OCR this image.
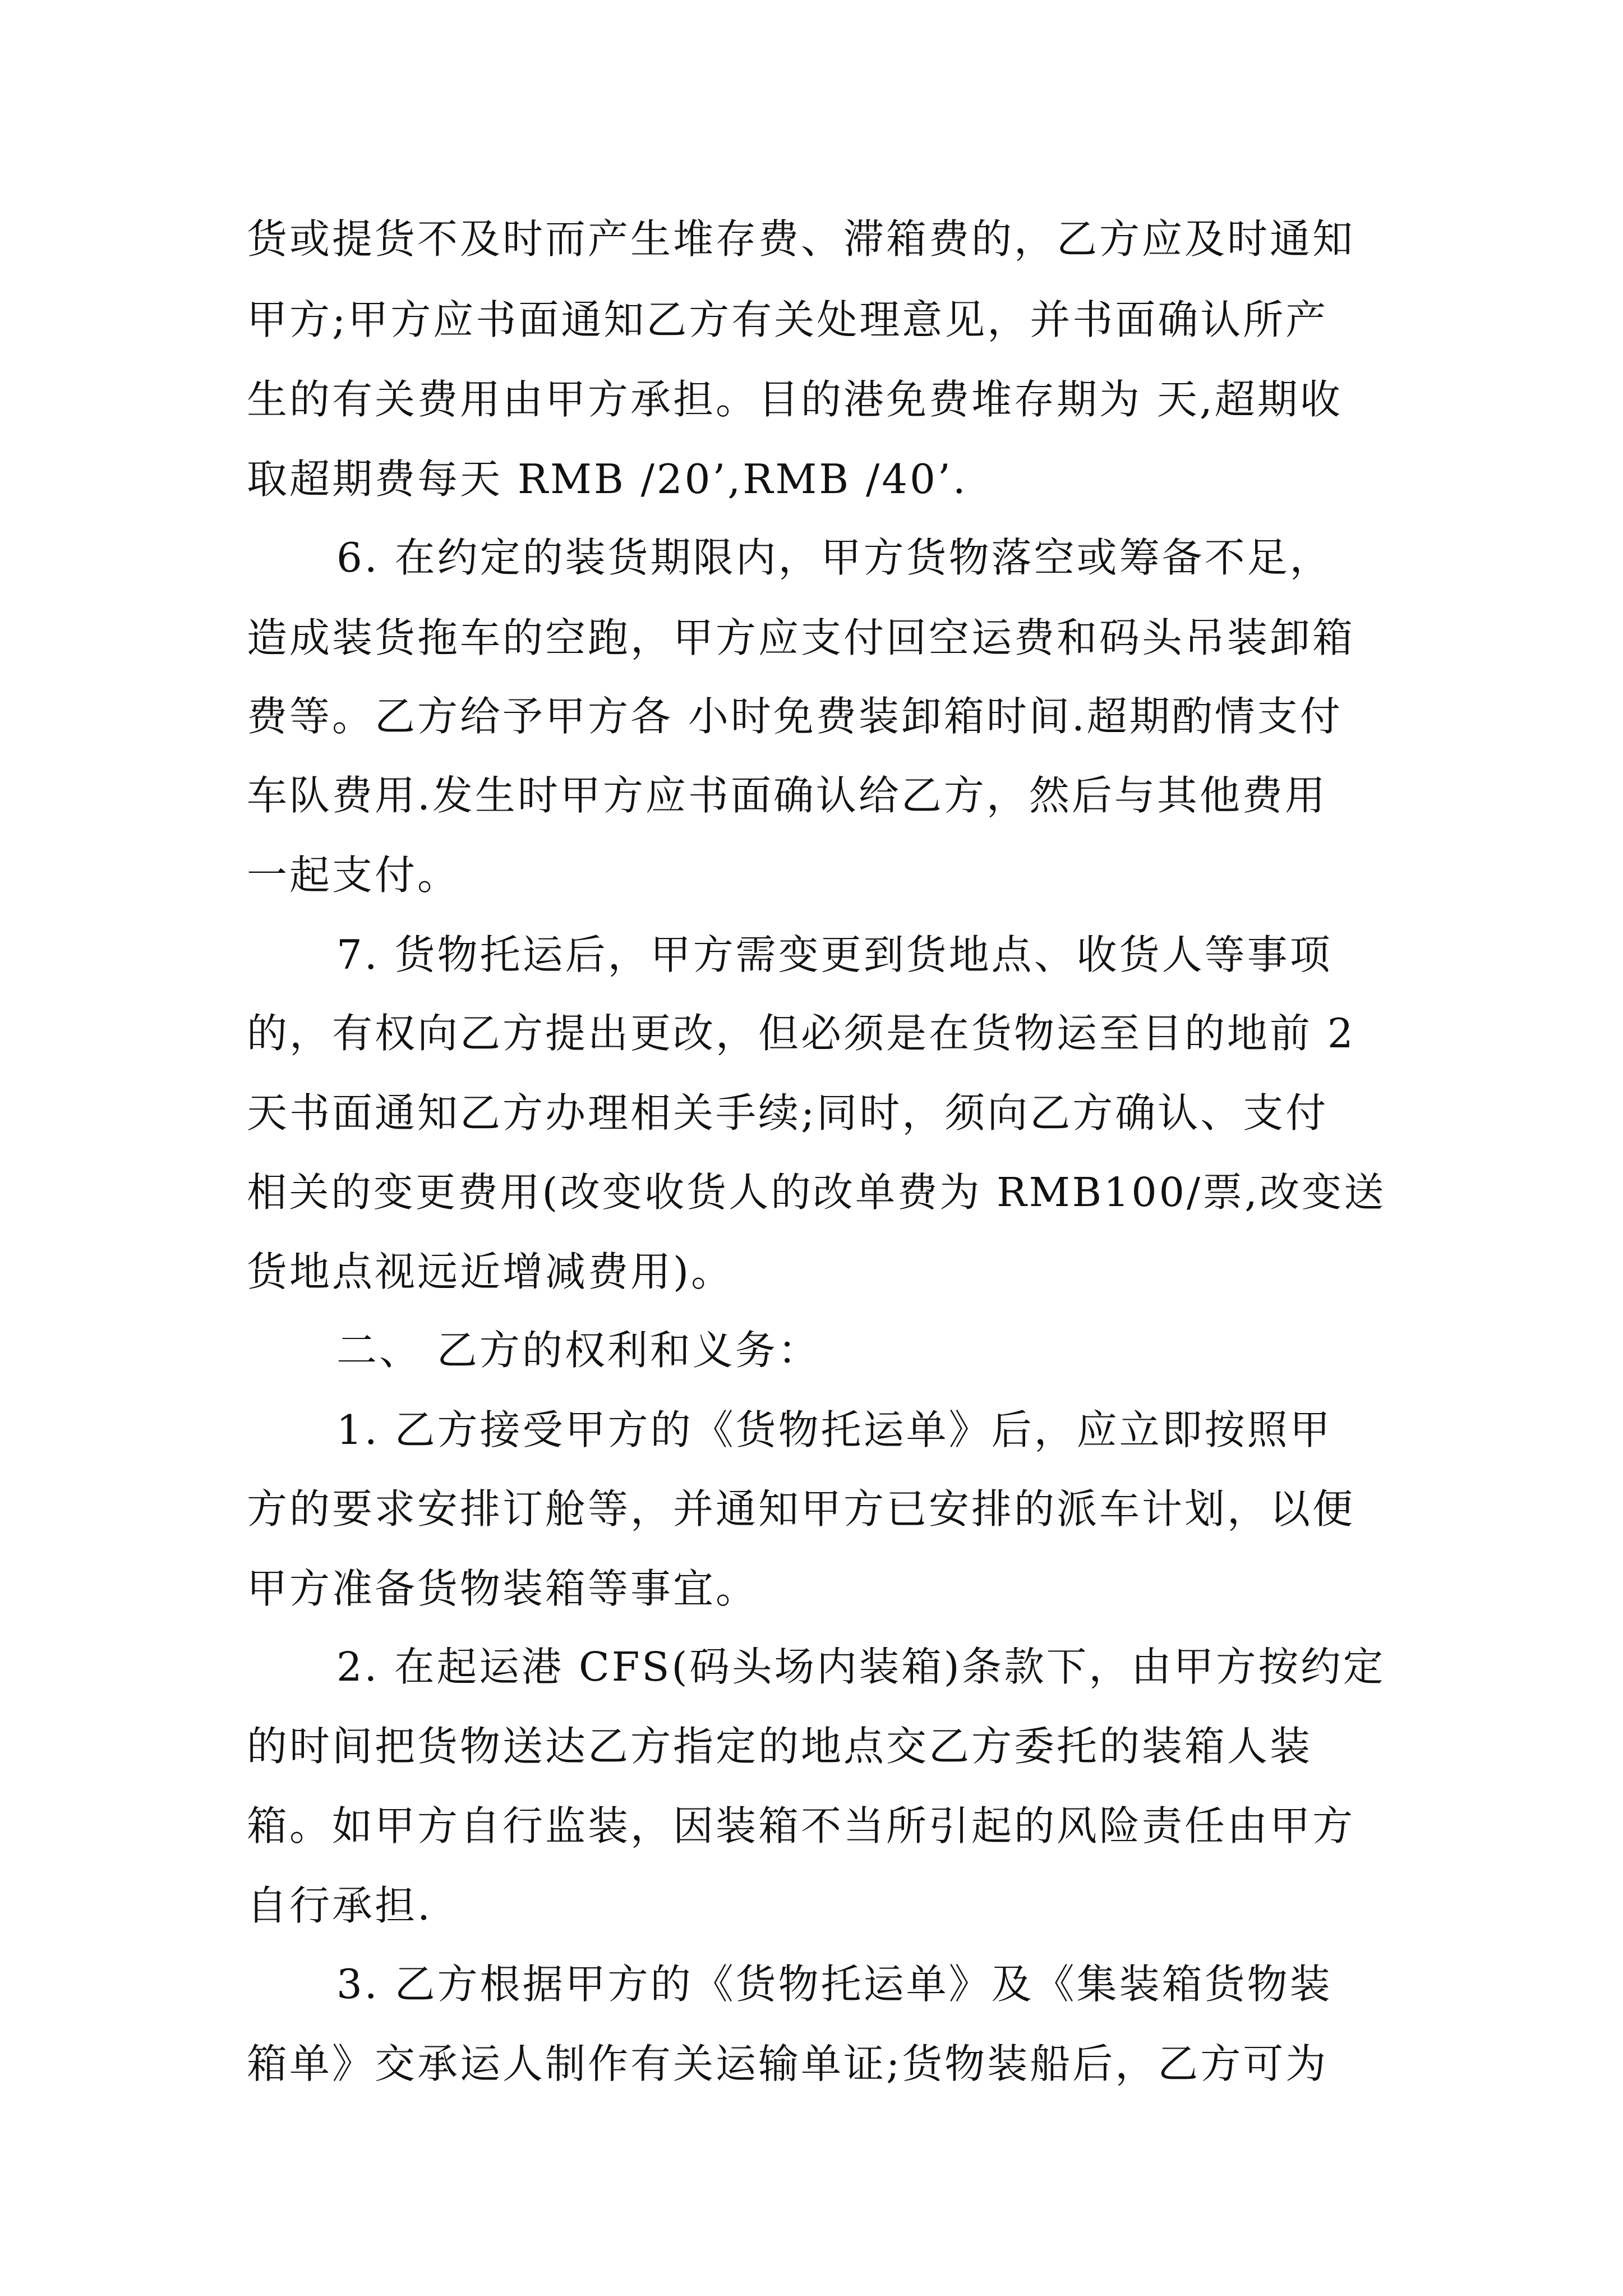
货或提货不及时而产生堆存费、滞箱费的，乙方应及时通知
甲方;甲方应书面通知乙方有关处理意见，并书面确认所产
生的有关费用由甲方承担。目的港免费堆存期为 天,超期收
取超期费每天 RMB /20’,RMB /40’.
6. 在约定的装货期限内，甲方货物落空或筹备不足，
造成装货拖车的空跑，甲方应支付回空运费和码头吊装卸箱
费等。乙方给予甲方各 小时免费装卸箱时间.超期酌情支付
车队费用.发生时甲方应书面确认给乙方，然后与其他费用
一起支付。
7. 货物托运后，甲方需变更到货地点、收货人等事项
的，有权向乙方提出更改，但必须是在货物运至目的地前 2
天书面通知乙方办理相关手续;同时，须向乙方确认、支付
相关的变更费用(改变收货人的改单费为 RMB100/票,改变送
货地点视远近增减费用)。
二、 乙方的权利和义务：
1. 乙方接受甲方的《货物托运单》后，应立即按照甲
方的要求安排订舱等，并通知甲方已安排的派车计划，以便
甲方准备货物装箱等事宜。
2. 在起运港 CFS(码头场内装箱)条款下，由甲方按约定
的时间把货物送达乙方指定的地点交乙方委托的装箱人装
箱。如甲方自行监装，因装箱不当所引起的风险责任由甲方
自行承担.
3. 乙方根据甲方的《货物托运单》及《集装箱货物装
箱单》交承运人制作有关运输单证;货物装船后，乙方可为
